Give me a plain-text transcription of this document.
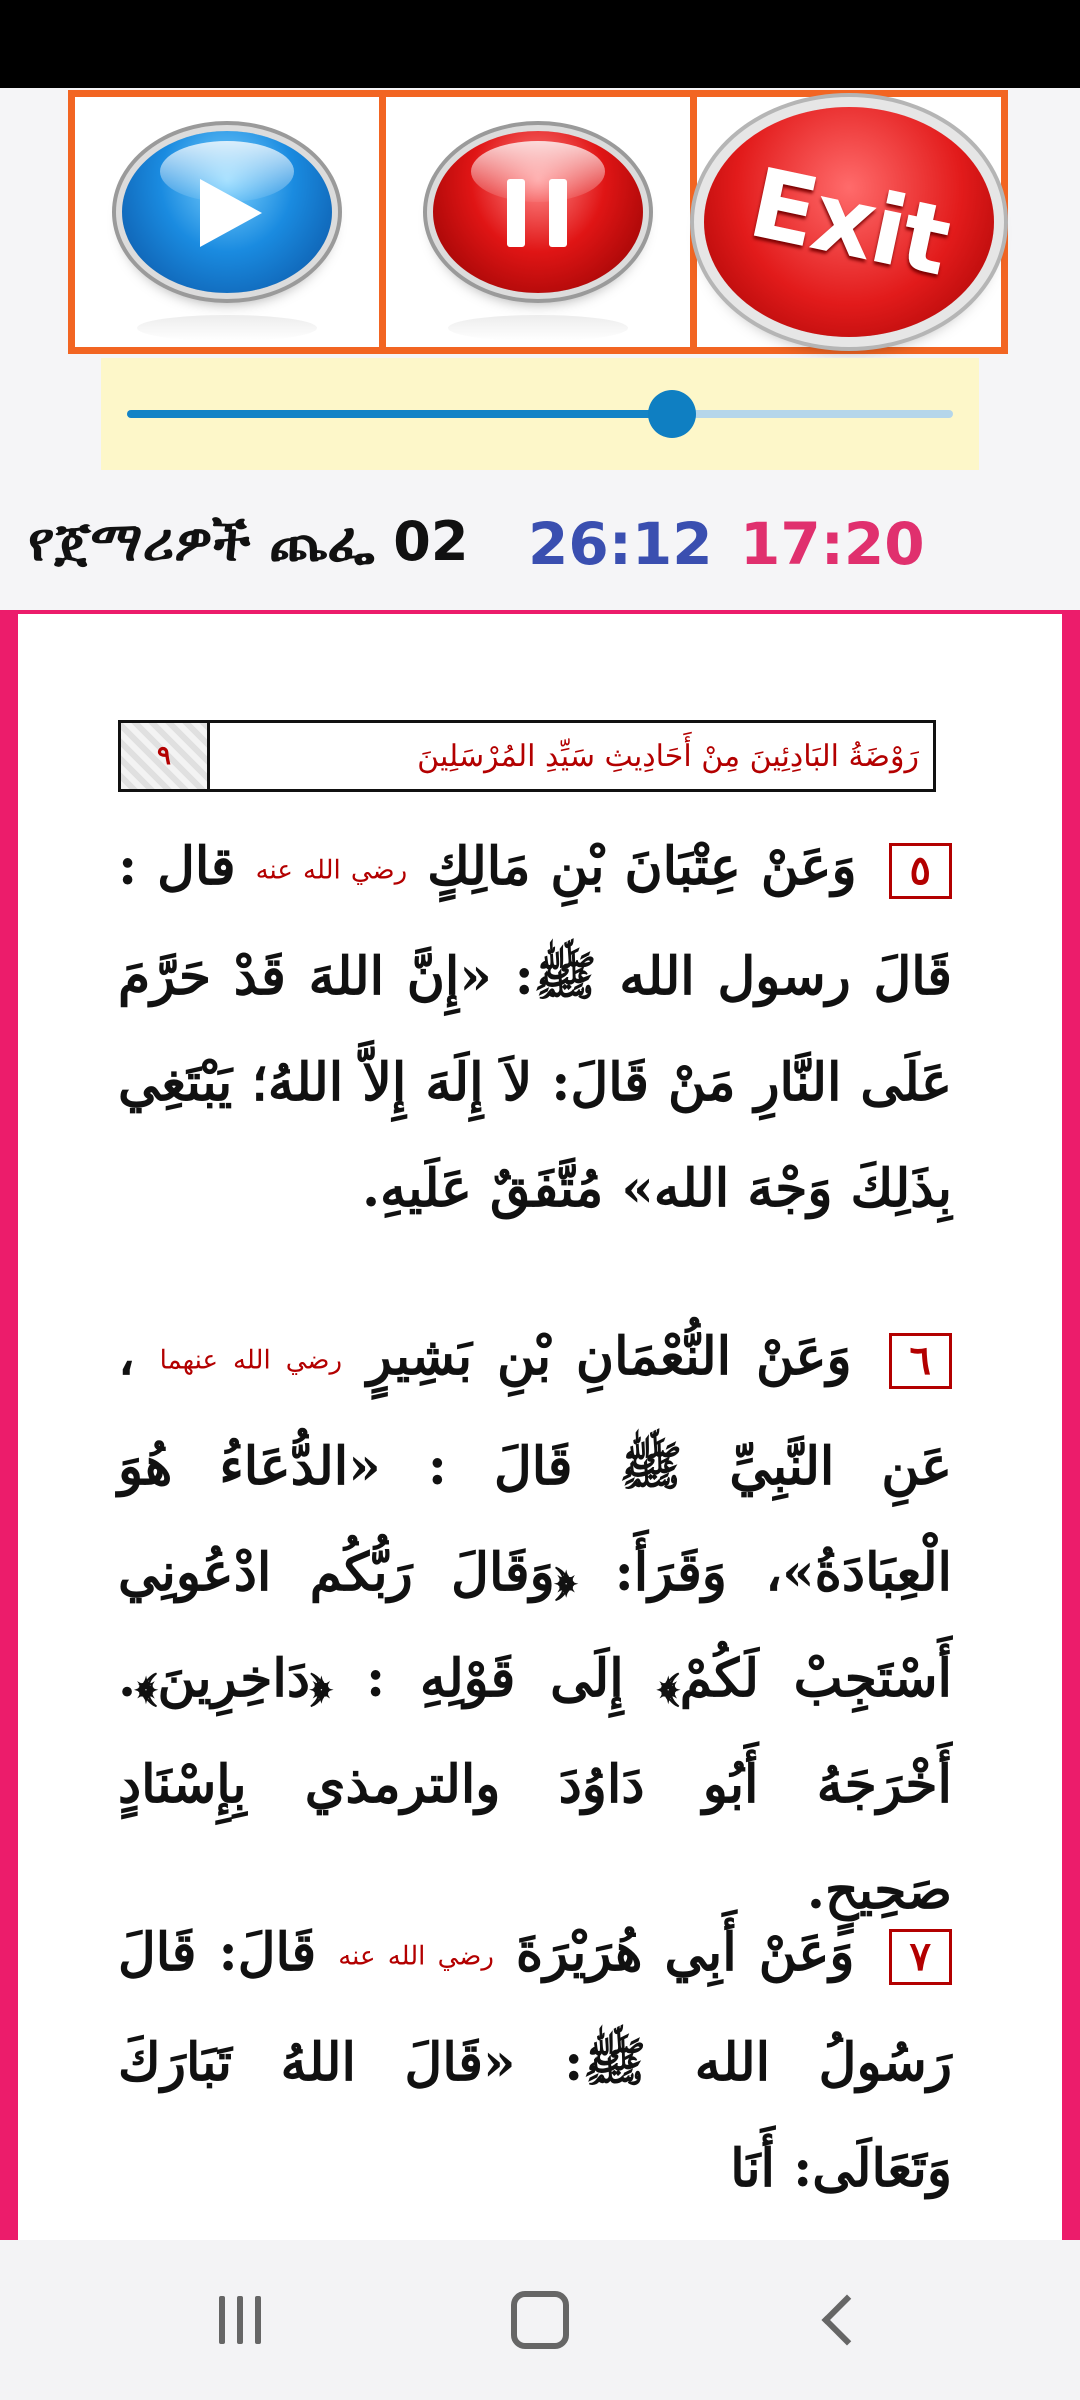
Exit
የጀማሪዎች ጨፌ 02 26:12 17:20
٩	رَوْضَةُ البَادِئِينَ مِنْ أَحَادِيثِ سَيِّدِ المُرْسَلِينَ
٥ وَعَنْ عِتْبَانَ بْنِ مَالِكٍ رضي الله عنه قال : قَالَ رسول الله ﷺ: «إِنَّ اللهَ قَدْ حَرَّمَ عَلَى النَّارِ مَنْ قَالَ: لاَ إِلَهَ إِلاَّ اللهُ؛ يَبْتَغِي بِذَلِكَ وَجْهَ الله» مُتَّفَقٌ عَلَيهِ.
٦ وَعَنْ النُّعْمَانِ بْنِ بَشِيرٍ رضي الله عنهما ، عَنِ النَّبِيِّ ﷺ قَالَ : «الدُّعَاءُ هُوَ الْعِبَادَةُ»، وَقَرَأَ: ﴿وَقَالَ رَبُّكُم ادْعُونِي أَسْتَجِبْ لَكُمْ﴾ إِلَى قَوْلِهِ : ﴿دَاخِرِينَ﴾. أَخْرَجَهُ أَبُو دَاوُدَ والترمذي بِإِسْنَادٍ صَحِيحٍ.
٧ وَعَنْ أَبِي هُرَيْرَةَ رضي الله عنه قَالَ: قَالَ رَسُولُ الله ﷺ: «قَالَ اللهُ تَبَارَكَ وَتَعَالَى: أَنَا
